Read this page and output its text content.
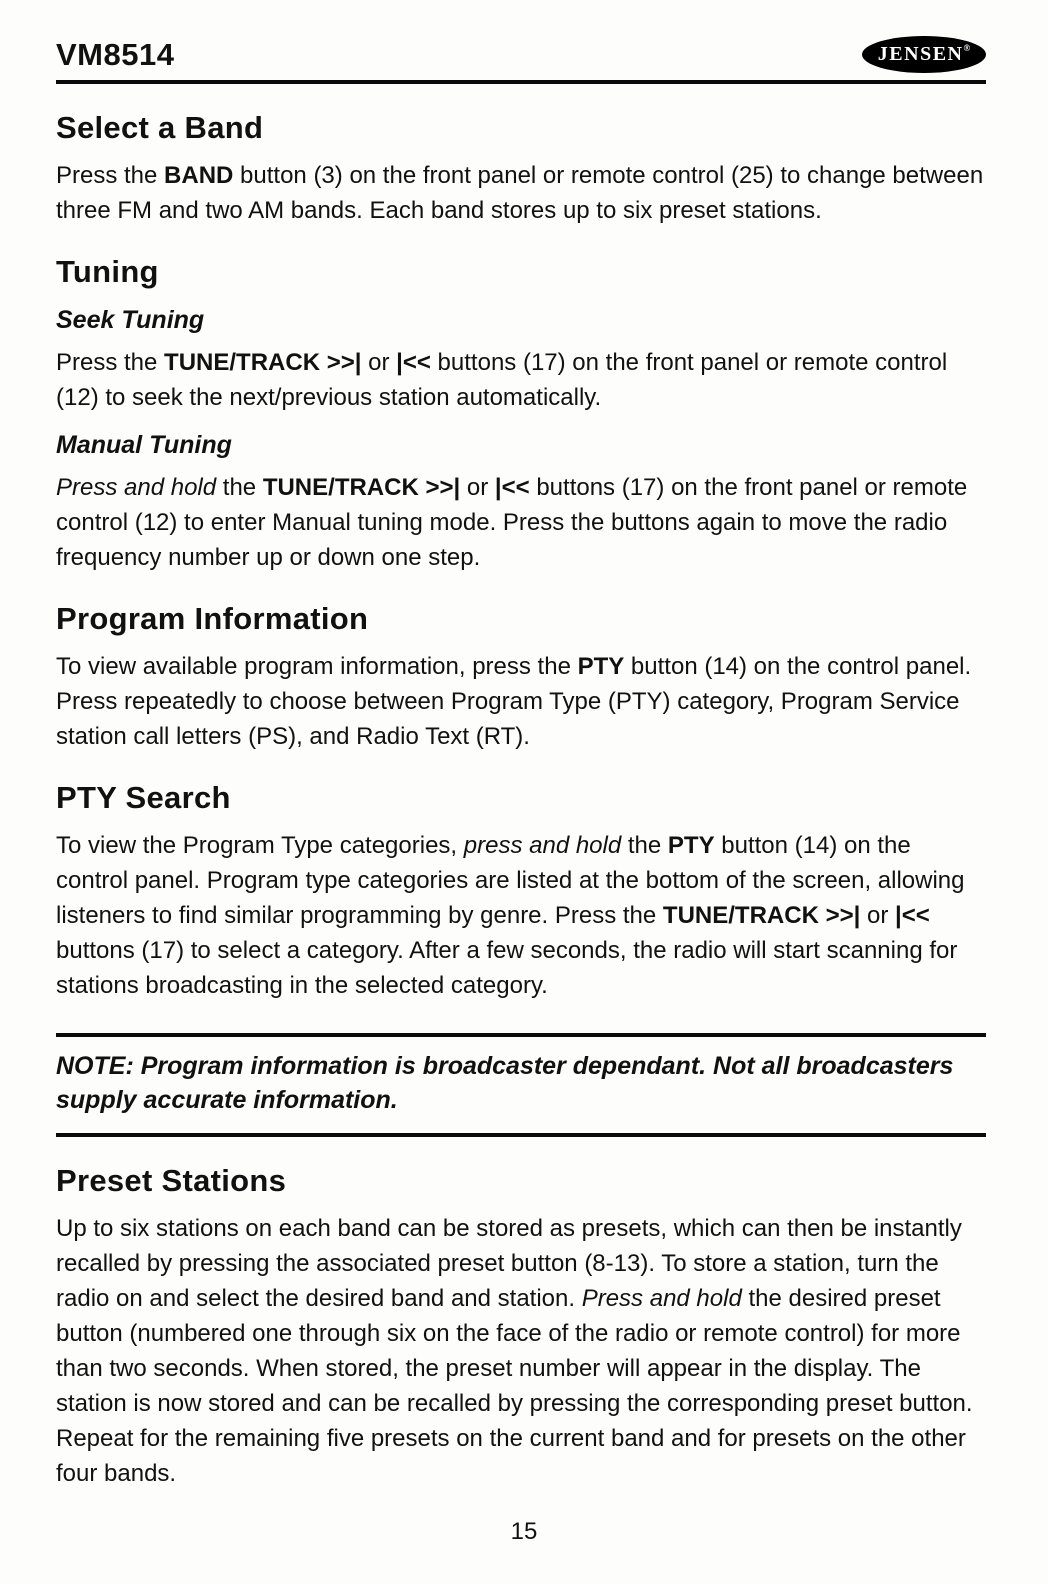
VM8514	JENSEN ®
Select a Band

Press the BAND button (3) on the front panel or remote control (25) to change between three FM and two AM bands. Each band stores up to six preset stations.

Tuning
Seek Tuning

Press the TUNE/TRACK >>| or |<< buttons (17) on the front panel or remote control (12) to seek the next/previous station automatically.

Manual Tuning

Press and hold the TUNE/TRACK >>| or |<< buttons (17) on the front panel or remote control (12) to enter Manual tuning mode. Press the buttons again to move the radio frequency number up or down one step.

Program Information

To view available program information, press the PTY button (14) on the control panel. Press repeatedly to choose between Program Type (PTY) category, Program Service station call letters (PS), and Radio Text (RT).

PTY Search

To view the Program Type categories, press and hold the PTY button (14) on the control panel. Program type categories are listed at the bottom of the screen, allowing listeners to find similar programming by genre. Press the TUNE/TRACK >>| or |<< buttons (17) to select a category. After a few seconds, the radio will start scanning for stations broadcasting in the selected category.

NOTE: Program information is broadcaster dependant. Not all broadcasters supply accurate information.

Preset Stations

Up to six stations on each band can be stored as presets, which can then be instantly recalled by pressing the associated preset button (8-13). To store a station, turn the radio on and select the desired band and station. Press and hold the desired preset button (numbered one through six on the face of the radio or remote control) for more than two seconds. When stored, the preset number will appear in the display. The station is now stored and can be recalled by pressing the corresponding preset button. Repeat for the remaining five presets on the current band and for presets on the other four bands.

15
